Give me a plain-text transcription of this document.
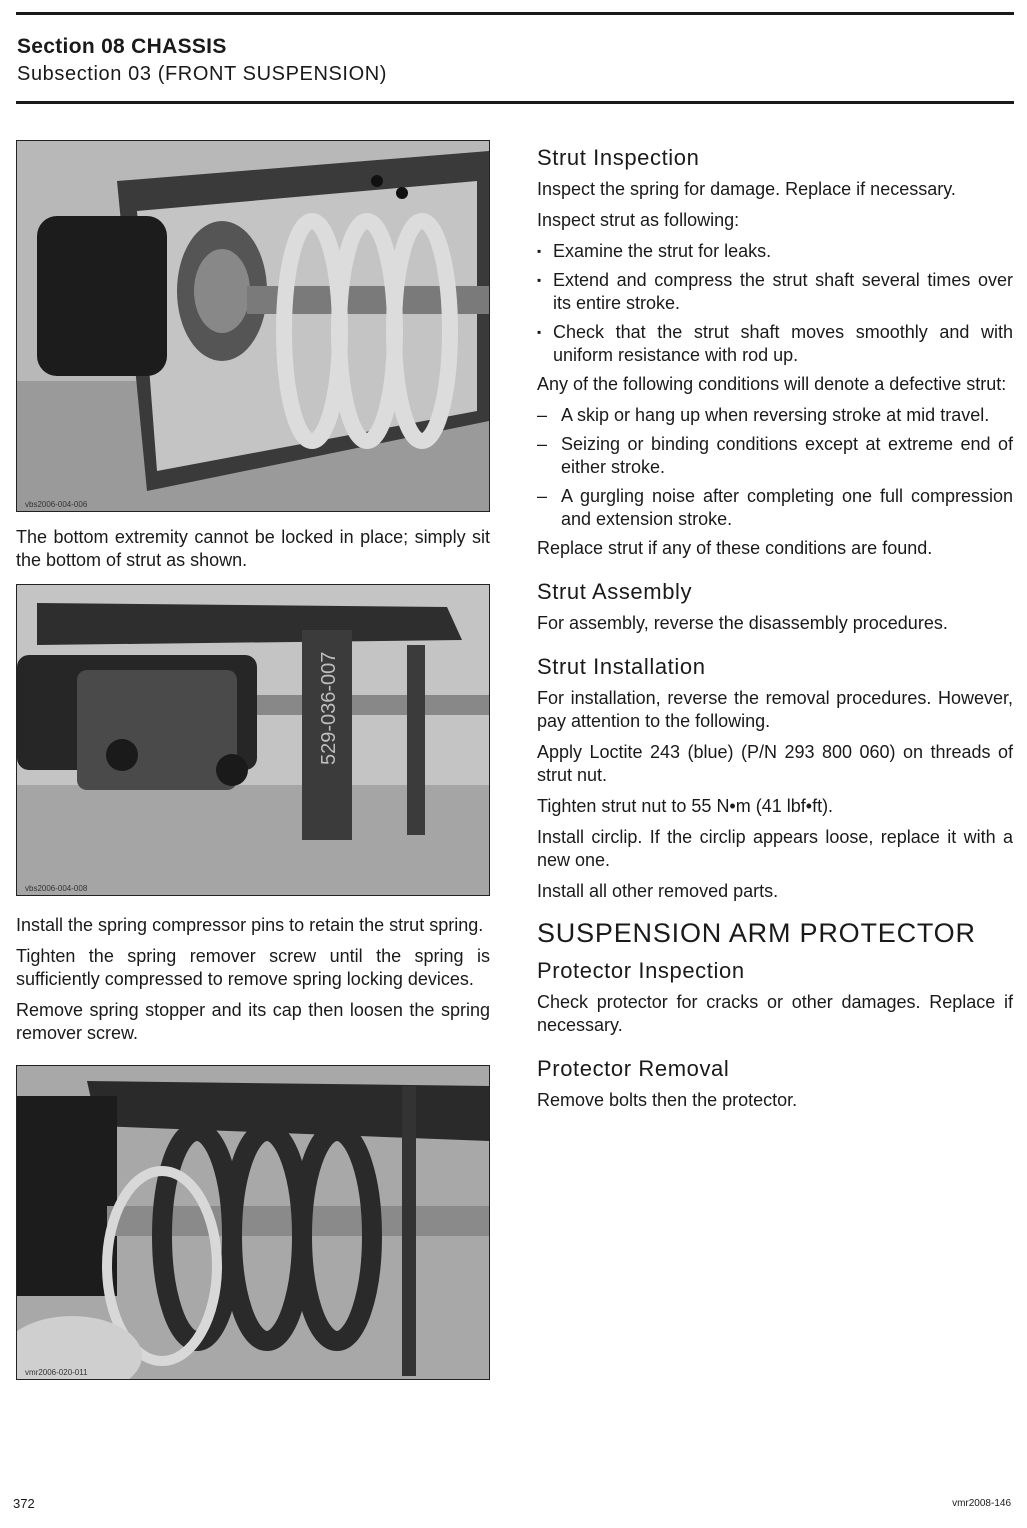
Section 08 CHASSIS
Subsection 03 (FRONT SUSPENSION)
vbs2006-004-006

The bottom extremity cannot be locked in place; simply sit the bottom of strut as shown.

529-036-007
vbs2006-004-008

Install the spring compressor pins to retain the strut spring.

Tighten the spring remover screw until the spring is sufficiently compressed to remove spring locking devices.

Remove spring stopper and its cap then loosen the spring remover screw.

vmr2006-020-011
Strut Inspection

Inspect the spring for damage. Replace if necessary.

Inspect strut as following:

▪ Examine the strut for leaks.
▪ Extend and compress the strut shaft several times over its entire stroke.
▪ Check that the strut shaft moves smoothly and with uniform resistance with rod up.

Any of the following conditions will denote a defective strut:

– A skip or hang up when reversing stroke at mid travel.
– Seizing or binding conditions except at extreme end of either stroke.
– A gurgling noise after completing one full compression and extension stroke.

Replace strut if any of these conditions are found.

Strut Assembly

For assembly, reverse the disassembly procedures.

Strut Installation

For installation, reverse the removal procedures. However, pay attention to the following.

Apply Loctite 243 (blue) (P/N 293 800 060) on threads of strut nut.

Tighten strut nut to 55 N•m (41 lbf•ft).

Install circlip. If the circlip appears loose, replace it with a new one.

Install all other removed parts.

SUSPENSION ARM PROTECTOR
Protector Inspection

Check protector for cracks or other damages. Replace if necessary.

Protector Removal

Remove bolts then the protector.

372	vmr2008-146
